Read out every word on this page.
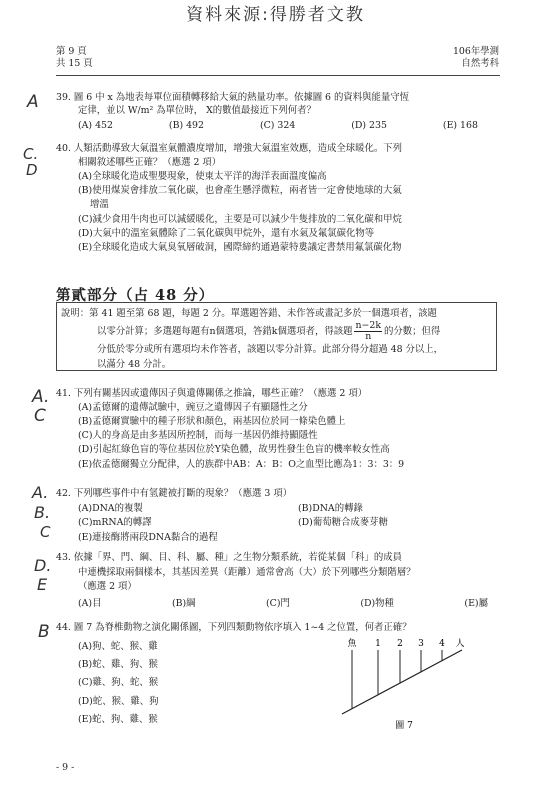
資料來源:得勝者文教
第 9 頁
共 15 頁
106年學測
自然考科
A
C.
D
A.
C
A.
B.
C
D.
E
B

39. 圖 6 中 x 為地表每單位面積轉移給大氣的熱量功率。依據圖 6 的資料與能量守恆

定律，並以 W/m² 為單位時， X的數值最接近下列何者？

(A) 452	(B) 492	(C) 324	(D) 235	(E) 168

40. 人類活動導致大氣溫室氣體濃度增加，增強大氣溫室效應，造成全球暖化。下列

相關敘述哪些正確？（應選 2 項）

(A)全球暖化造成聖嬰現象，使東太平洋的海洋表面溫度偏高

(B)使用煤炭會排放二氧化碳，也會產生懸浮微粒，兩者皆一定會使地球的大氣

增溫

(C)減少食用牛肉也可以減緩暖化，主要是可以減少牛隻排放的二氧化碳和甲烷

(D)大氣中的溫室氣體除了二氧化碳與甲烷外，還有水氣及氟氯碳化物等

(E)全球暖化造成大氣臭氧層破洞，國際締約通過蒙特婁議定書禁用氟氯碳化物

第貳部分（占 48 分）
說明：第 41 題至第 68 題，每題 2 分。單選題答錯、未作答或畫記多於一個選項者，該題
以零分計算；多選題每題有n個選項，答錯k個選項者，得該題 $\frac{n-2k}{n}$ 的分數；但得
分低於零分或所有選項均未作答者，該題以零分計算。此部分得分超過 48 分以上，
以滿分 48 分計。

41. 下列有關基因或遺傳因子與遺傳關係之推論，哪些正確？（應選 2 項）

(A)孟德爾的遺傳試驗中，豌豆之遺傳因子有顯隱性之分

(B)孟德爾實驗中的種子形狀和顏色，兩基因位於同一條染色體上

(C)人的身高是由多基因所控制，而每一基因仍維持顯隱性

(D)引起紅綠色盲的等位基因位於Y染色體，故男性發生色盲的機率較女性高

(E)依孟德爾獨立分配律，人的族群中AB：A：B：O之血型比應為1：3：3：9

42. 下列哪些事件中有氫鍵被打斷的現象？（應選 3 項）

(A)DNA的複製	(B)DNA的轉錄
(C)mRNA的轉譯	(D)葡萄糖合成麥芽糖

(E)連接酶將兩段DNA黏合的過程

43. 依據「界、門、綱、目、科、屬、種」之生物分類系統，若從某個「科」的成員

中連機採取兩個樣本，其基因差異（距離）通常會高（大）於下列哪些分類階層？

（應選 2 項）

(A)目	(B)綱	(C)門	(D)物種	(E)屬

44. 圖 7 為脊椎動物之演化關係圖，下列四類動物依序填入 1~4 之位置，何者正確？

(A)狗、蛇、猴、雞
(B)蛇、雞、狗、猴
(C)雞、狗、蛇、猴
(D)蛇、猴、雞、狗
(E)蛇、狗、雞、猴
魚 1 2 3 4 人
圖 7
- 9 -
